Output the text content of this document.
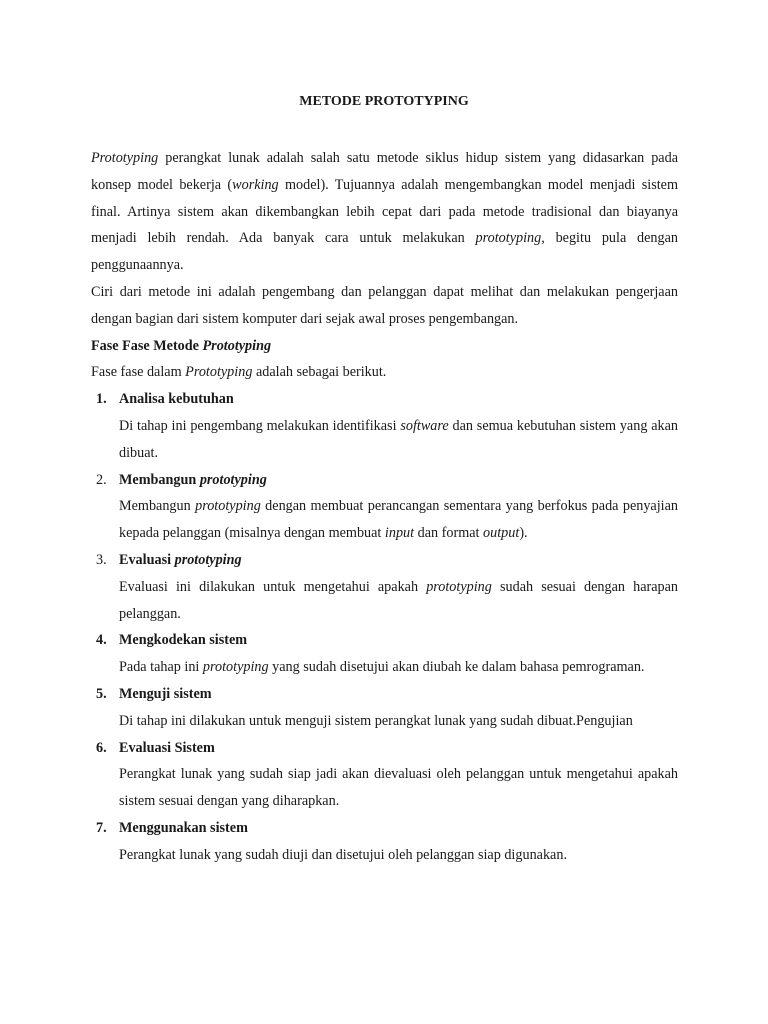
METODE PROTOTYPING

Prototyping perangkat lunak adalah salah satu metode siklus hidup sistem yang didasarkan pada konsep model bekerja (working model). Tujuannya adalah mengembangkan model menjadi sistem final. Artinya sistem akan dikembangkan lebih cepat dari pada metode tradisional dan biayanya menjadi lebih rendah. Ada banyak cara untuk melakukan prototyping, begitu pula dengan penggunaannya.

Ciri dari metode ini adalah pengembang dan pelanggan dapat melihat dan melakukan pengerjaan dengan bagian dari sistem komputer dari sejak awal proses pengembangan.

Fase Fase Metode Prototyping

Fase fase dalam Prototyping adalah sebagai berikut.

1. Analisa kebutuhan
Di tahap ini pengembang melakukan identifikasi software dan semua kebutuhan sistem yang akan dibuat.
2. Membangun prototyping
Membangun prototyping dengan membuat perancangan sementara yang berfokus pada penyajian kepada pelanggan (misalnya dengan membuat input dan format output).
3. Evaluasi prototyping
Evaluasi ini dilakukan untuk mengetahui apakah prototyping sudah sesuai dengan harapan pelanggan.
4. Mengkodekan sistem
Pada tahap ini prototyping yang sudah disetujui akan diubah ke dalam bahasa pemrograman.
5. Menguji sistem
Di tahap ini dilakukan untuk menguji sistem perangkat lunak yang sudah dibuat.Pengujian
6. Evaluasi Sistem
Perangkat lunak yang sudah siap jadi akan dievaluasi oleh pelanggan untuk mengetahui apakah sistem sesuai dengan yang diharapkan.
7. Menggunakan sistem
Perangkat lunak yang sudah diuji dan disetujui oleh pelanggan siap digunakan.
